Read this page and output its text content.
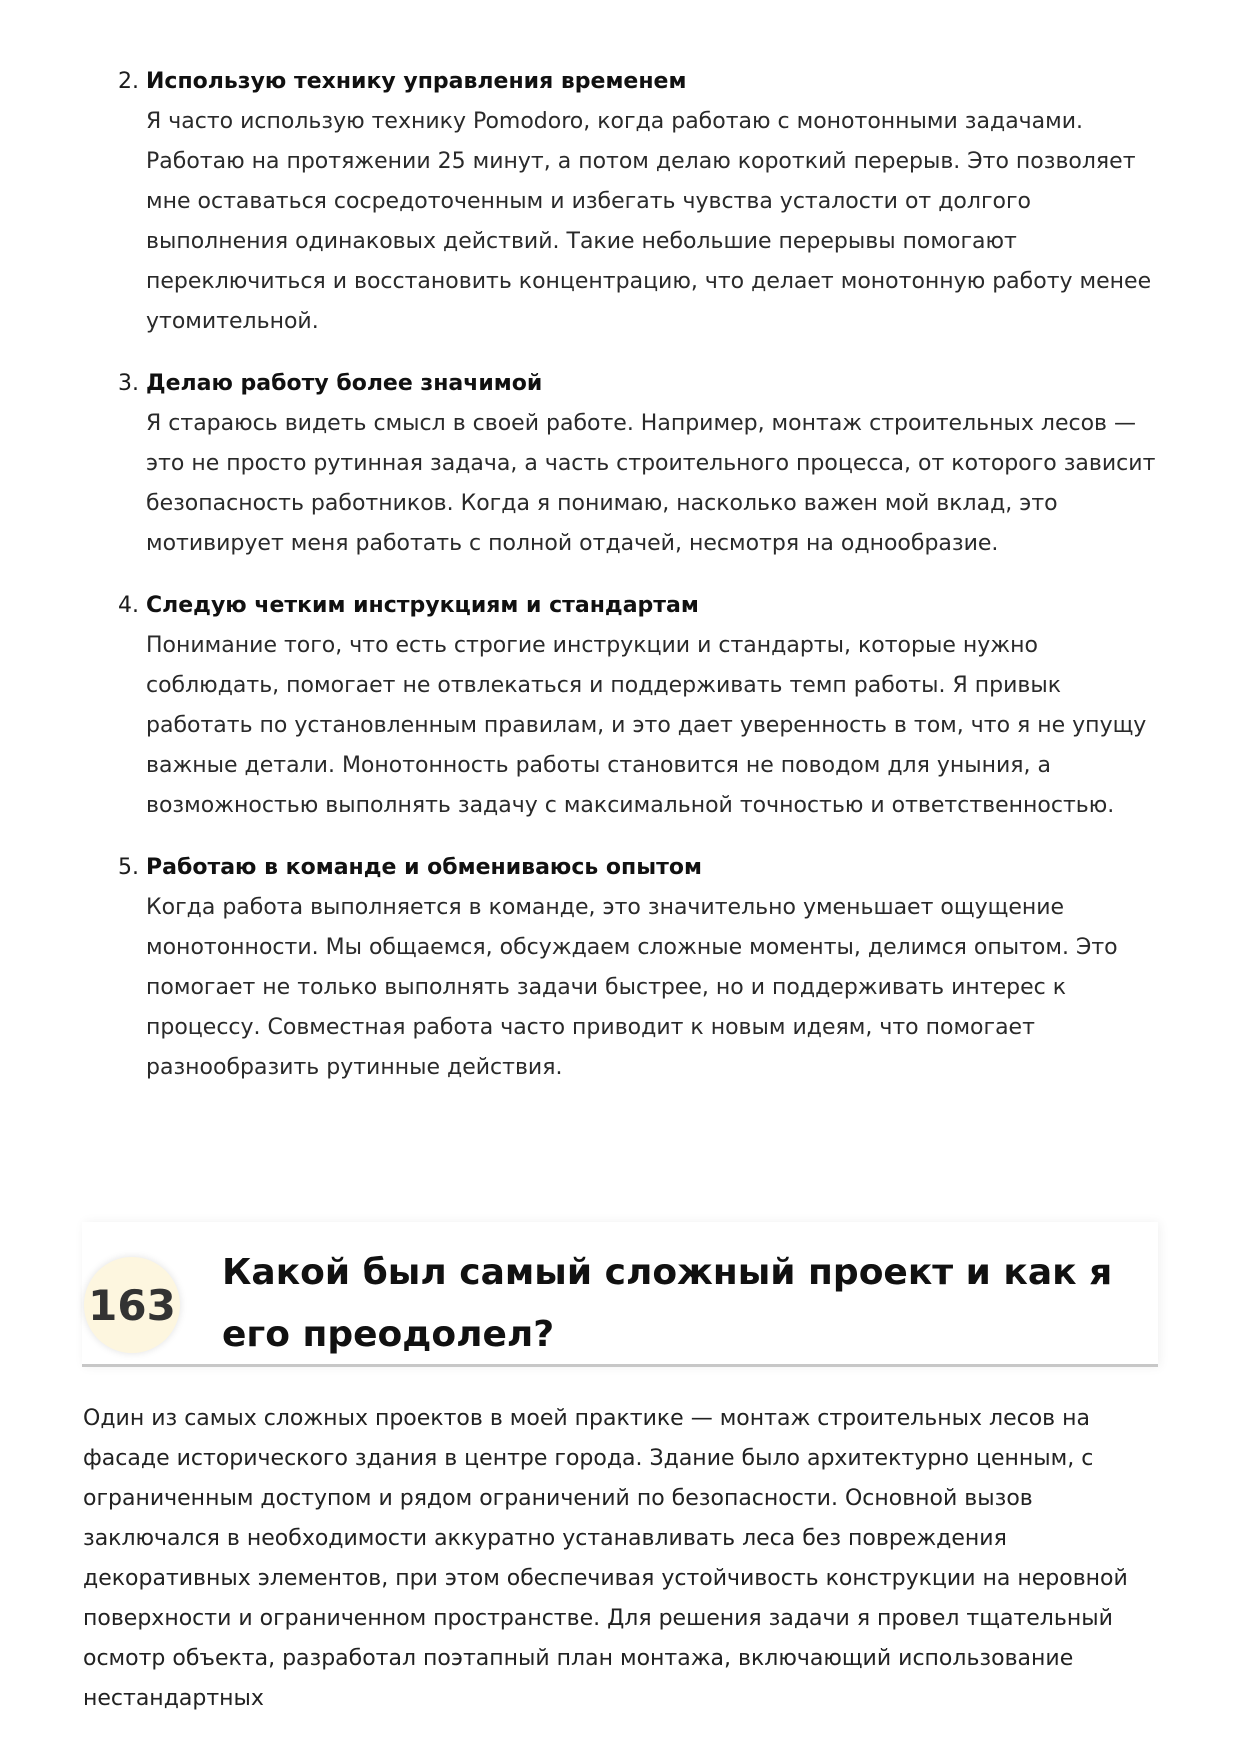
2. Использую технику управления временем
Я часто использую технику Pomodoro, когда работаю с монотонными задачами. Работаю на протяжении 25 минут, а потом делаю короткий перерыв. Это позволяет мне оставаться сосредоточенным и избегать чувства усталости от долгого выполнения одинаковых действий. Такие небольшие перерывы помогают переключиться и восстановить концентрацию, что делает монотонную работу менее утомительной.
3. Делаю работу более значимой
Я стараюсь видеть смысл в своей работе. Например, монтаж строительных лесов — это не просто рутинная задача, а часть строительного процесса, от которого зависит безопасность работников. Когда я понимаю, насколько важен мой вклад, это мотивирует меня работать с полной отдачей, несмотря на однообразие.
4. Следую четким инструкциям и стандартам
Понимание того, что есть строгие инструкции и стандарты, которые нужно соблюдать, помогает не отвлекаться и поддерживать темп работы. Я привык работать по установленным правилам, и это дает уверенность в том, что я не упущу важные детали. Монотонность работы становится не поводом для уныния, а возможностью выполнять задачу с максимальной точностью и ответственностью.
5. Работаю в команде и обмениваюсь опытом
Когда работа выполняется в команде, это значительно уменьшает ощущение монотонности. Мы общаемся, обсуждаем сложные моменты, делимся опытом. Это помогает не только выполнять задачи быстрее, но и поддерживать интерес к процессу. Совместная работа часто приводит к новым идеям, что помогает разнообразить рутинные действия.
163
Какой был самый сложный проект и как я его преодолел?
Один из самых сложных проектов в моей практике — монтаж строительных лесов на фасаде исторического здания в центре города. Здание было архитектурно ценным, с ограниченным доступом и рядом ограничений по безопасности. Основной вызов заключался в необходимости аккуратно устанавливать леса без повреждения декоративных элементов, при этом обеспечивая устойчивость конструкции на неровной поверхности и ограниченном пространстве. Для решения задачи я провел тщательный осмотр объекта, разработал поэтапный план монтажа, включающий использование нестандартных
